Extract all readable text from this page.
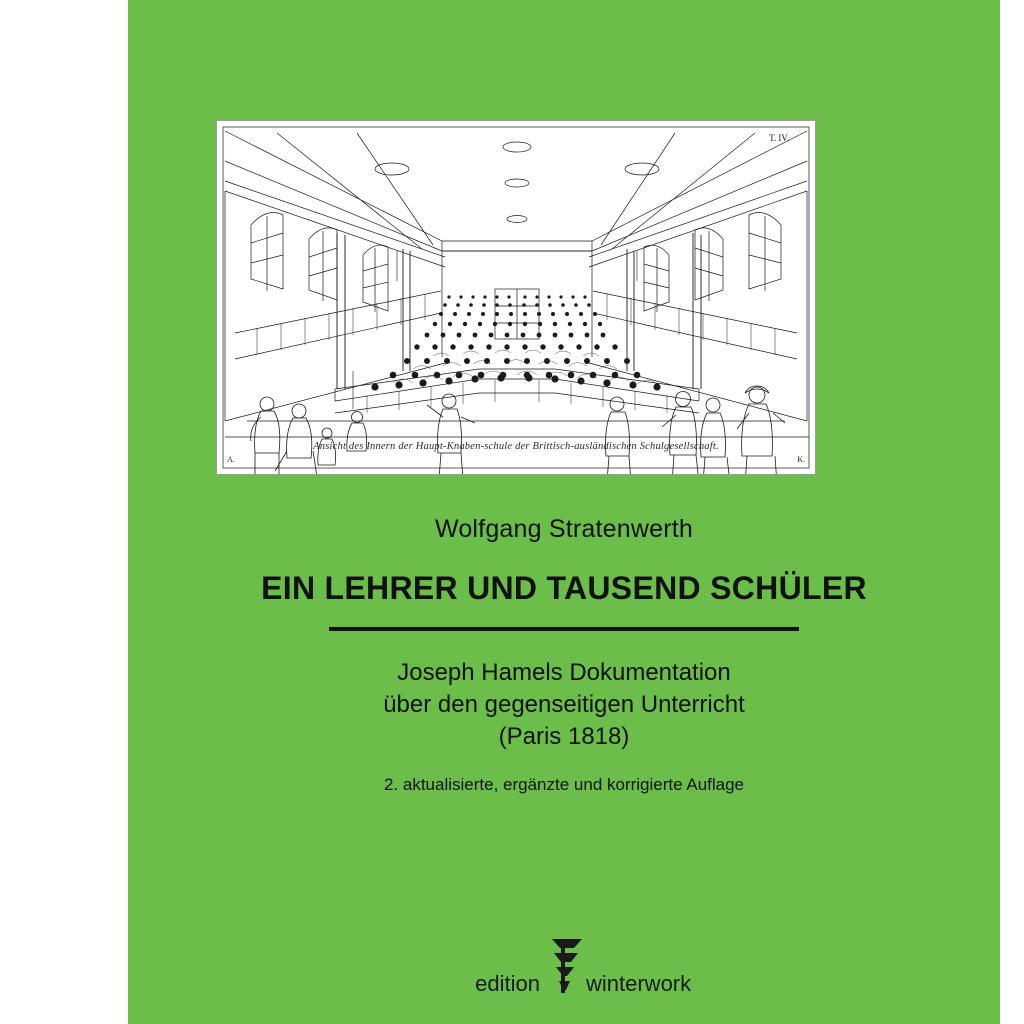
T. IV.
Ansicht des Innern der Haupt-Knaben-schule der Brittisch-ausländischen Schulgesellschaft.
A.	K.

Wolfgang Stratenwerth

EIN LEHRER UND TAUSEND SCHÜLER

Joseph Hamels Dokumentation
über den gegenseitigen Unterricht
(Paris 1818)

2. aktualisierte, ergänzte und korrigierte Auflage

edition winterwork
